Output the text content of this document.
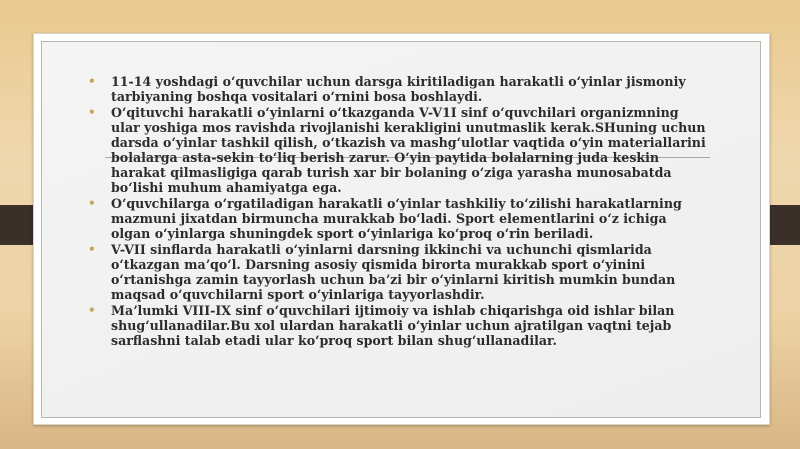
• 11-14 yoshdagi oʻquvchilar uchun darsga kiritiladigan harakatli oʻyinlar jismoniy tarbiyaning boshqa vositalari oʻrnini bosa boshlaydi.
• Oʻqituvchi harakatli oʻyinlarni oʻtkazganda V-V1I sinf oʻquvchilari organizmning ular yoshiga mos ravishda rivojlanishi kerakligini unutmaslik kerak.SHuning uchun darsda oʻyinlar tashkil qilish, oʻtkazish va mashgʻulotlar vaqtida oʻyin materiallarini bolalarga asta-sekin toʻliq berish zarur. Oʻyin paytida bolalarning juda keskin harakat qilmasligiga qarab turish xar bir bolaning oʻziga yarasha munosabatda boʻlishi muhum ahamiyatga ega.
• Oʻquvchilarga oʻrgatiladigan harakatli oʻyinlar tashkiliy toʻzilishi harakatlarning mazmuni jixatdan birmuncha murakkab boʻladi. Sport elementlarini oʻz ichiga olgan oʻyinlarga shuningdek sport oʻyinlariga koʻproq oʻrin beriladi.
• V-VII sinflarda harakatli oʻyinlarni darsning ikkinchi va uchunchi qismlarida oʻtkazgan maʼqoʻl. Darsning asosiy qismida birorta murakkab sport oʻyinini oʻrtanishga zamin tayyorlash uchun baʼzi bir oʻyinlarni kiritish mumkin bundan maqsad oʻquvchilarni sport oʻyinlariga tayyorlashdir.
• Maʼlumki VIII-IX sinf oʻquvchilari ijtimoiy va ishlab chiqarishga oid ishlar bilan shugʻullanadilar.Bu xol ulardan harakatli oʻyinlar uchun ajratilgan vaqtni tejab sarflashni talab etadi ular koʻproq sport bilan shugʻullanadilar.
